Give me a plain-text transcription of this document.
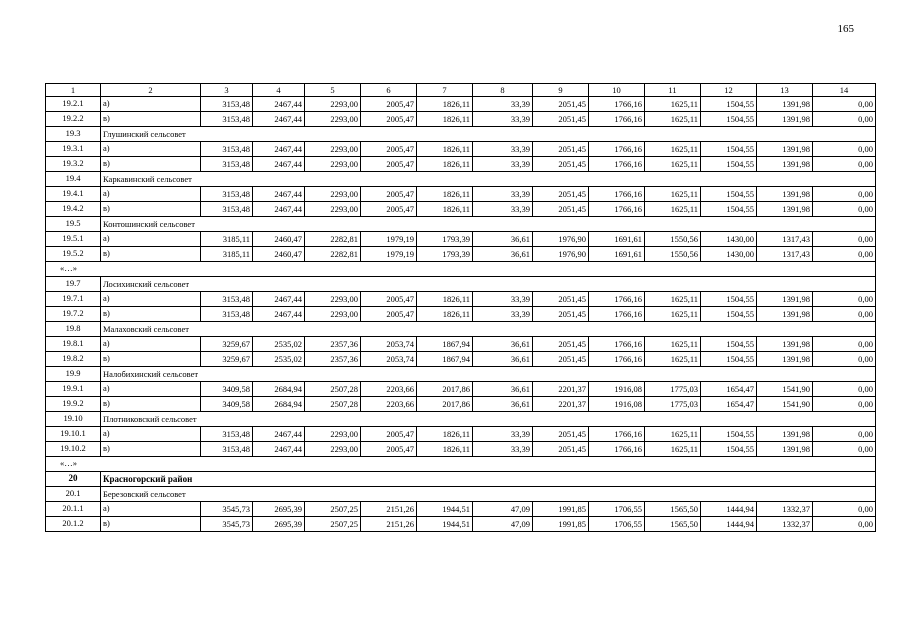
165
1	2	3	4	5	6	7	8	9	10	11	12	13	14
19.2.1	а)	3153,48	2467,44	2293,00	2005,47	1826,11	33,39	2051,45	1766,16	1625,11	1504,55	1391,98	0,00
19.2.2	в)	3153,48	2467,44	2293,00	2005,47	1826,11	33,39	2051,45	1766,16	1625,11	1504,55	1391,98	0,00
19.3	Глушинский сельсовет												
19.3.1	а)	3153,48	2467,44	2293,00	2005,47	1826,11	33,39	2051,45	1766,16	1625,11	1504,55	1391,98	0,00
19.3.2	в)	3153,48	2467,44	2293,00	2005,47	1826,11	33,39	2051,45	1766,16	1625,11	1504,55	1391,98	0,00
19.4	Каркавинский сельсовет												
19.4.1	а)	3153,48	2467,44	2293,00	2005,47	1826,11	33,39	2051,45	1766,16	1625,11	1504,55	1391,98	0,00
19.4.2	в)	3153,48	2467,44	2293,00	2005,47	1826,11	33,39	2051,45	1766,16	1625,11	1504,55	1391,98	0,00
19.5	Контошинский сельсовет												
19.5.1	а)	3185,11	2460,47	2282,81	1979,19	1793,39	36,61	1976,90	1691,61	1550,56	1430,00	1317,43	0,00
19.5.2	в)	3185,11	2460,47	2282,81	1979,19	1793,39	36,61	1976,90	1691,61	1550,56	1430,00	1317,43	0,00
«…»													
19.7	Лосихинский сельсовет												
19.7.1	а)	3153,48	2467,44	2293,00	2005,47	1826,11	33,39	2051,45	1766,16	1625,11	1504,55	1391,98	0,00
19.7.2	в)	3153,48	2467,44	2293,00	2005,47	1826,11	33,39	2051,45	1766,16	1625,11	1504,55	1391,98	0,00
19.8	Малаховский сельсовет												
19.8.1	а)	3259,67	2535,02	2357,36	2053,74	1867,94	36,61	2051,45	1766,16	1625,11	1504,55	1391,98	0,00
19.8.2	в)	3259,67	2535,02	2357,36	2053,74	1867,94	36,61	2051,45	1766,16	1625,11	1504,55	1391,98	0,00
19.9	Налобихинский сельсовет												
19.9.1	а)	3409,58	2684,94	2507,28	2203,66	2017,86	36,61	2201,37	1916,08	1775,03	1654,47	1541,90	0,00
19.9.2	в)	3409,58	2684,94	2507,28	2203,66	2017,86	36,61	2201,37	1916,08	1775,03	1654,47	1541,90	0,00
19.10	Плотниковский сельсовет												
19.10.1	а)	3153,48	2467,44	2293,00	2005,47	1826,11	33,39	2051,45	1766,16	1625,11	1504,55	1391,98	0,00
19.10.2	в)	3153,48	2467,44	2293,00	2005,47	1826,11	33,39	2051,45	1766,16	1625,11	1504,55	1391,98	0,00
«…»													
20	Красногорский район												
20.1	Березовский сельсовет												
20.1.1	а)	3545,73	2695,39	2507,25	2151,26	1944,51	47,09	1991,85	1706,55	1565,50	1444,94	1332,37	0,00
20.1.2	в)	3545,73	2695,39	2507,25	2151,26	1944,51	47,09	1991,85	1706,55	1565,50	1444,94	1332,37	0,00
